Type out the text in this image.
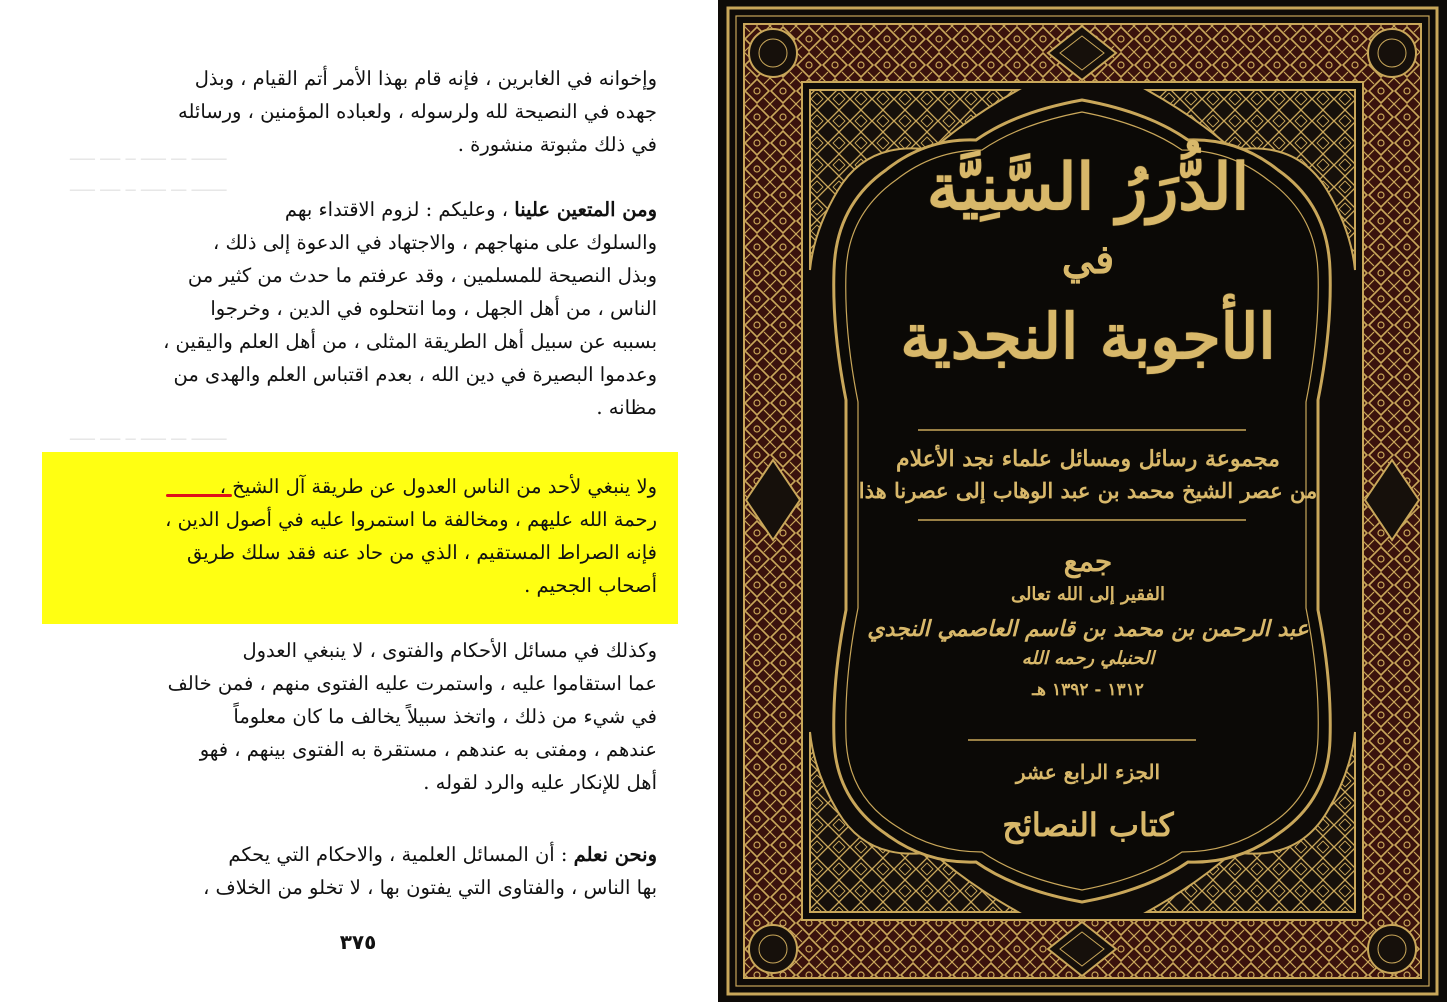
ـــــــ ـــ ـــــ ــ ــــ ـــــ
ـــــــ ـــ ـــــ ــ ــــ ـــــ
ـــــــ ـــ ـــــ ــ ــــ ـــــ
وإخوانه في الغابرين ، فإنه قام بهذا الأمر أتم القيام ، وبذل
جهده في النصيحة لله ولرسوله ، ولعباده المؤمنين ، ورسائله
في ذلك مثبوتة منشورة .
ومن المتعين علينا ، وعليكم : لزوم الاقتداء بهم
والسلوك على منهاجهم ، والاجتهاد في الدعوة إلى ذلك ،
وبذل النصيحة للمسلمين ، وقد عرفتم ما حدث من كثير من
الناس ، من أهل الجهل ، وما انتحلوه في الدين ، وخرجوا
بسببه عن سبيل أهل الطريقة المثلى ، من أهل العلم واليقين ،
وعدموا البصيرة في دين الله ، بعدم اقتباس العلم والهدى من
مظانه .
ولا ينبغي لأحد من الناس العدول عن طريقة آل الشيخ ،
رحمة الله عليهم ، ومخالفة ما استمروا عليه في أصول الدين ،
فإنه الصراط المستقيم ، الذي من حاد عنه فقد سلك طريق
أصحاب الجحيم .
وكذلك في مسائل الأحكام والفتوى ، لا ينبغي العدول
عما استقاموا عليه ، واستمرت عليه الفتوى منهم ، فمن خالف
في شيء من ذلك ، واتخذ سبيلاً يخالف ما كان معلوماً
عندهم ، ومفتى به عندهم ، مستقرة به الفتوى بينهم ، فهو
أهل للإنكار عليه والرد لقوله .
ونحن نعلم : أن المسائل العلمية ، والاحكام التي يحكم
بها الناس ، والفتاوى التي يفتون بها ، لا تخلو من الخلاف ،
٣٧٥
الدُّرَرُ السَّنِيَّة
في
الأجوبة النجدية
مجموعة رسائل ومسائل علماء نجد الأعلام
من عصر الشيخ محمد بن عبد الوهاب إلى عصرنا هذا
جمع
الفقير إلى الله تعالى
عبد الرحمن بن محمد بن قاسم العاصمي النجدي
الحنبلي رحمه الله
١٣١٢ - ١٣٩٢ هـ
الجزء الرابع عشر
كتاب النصائح
